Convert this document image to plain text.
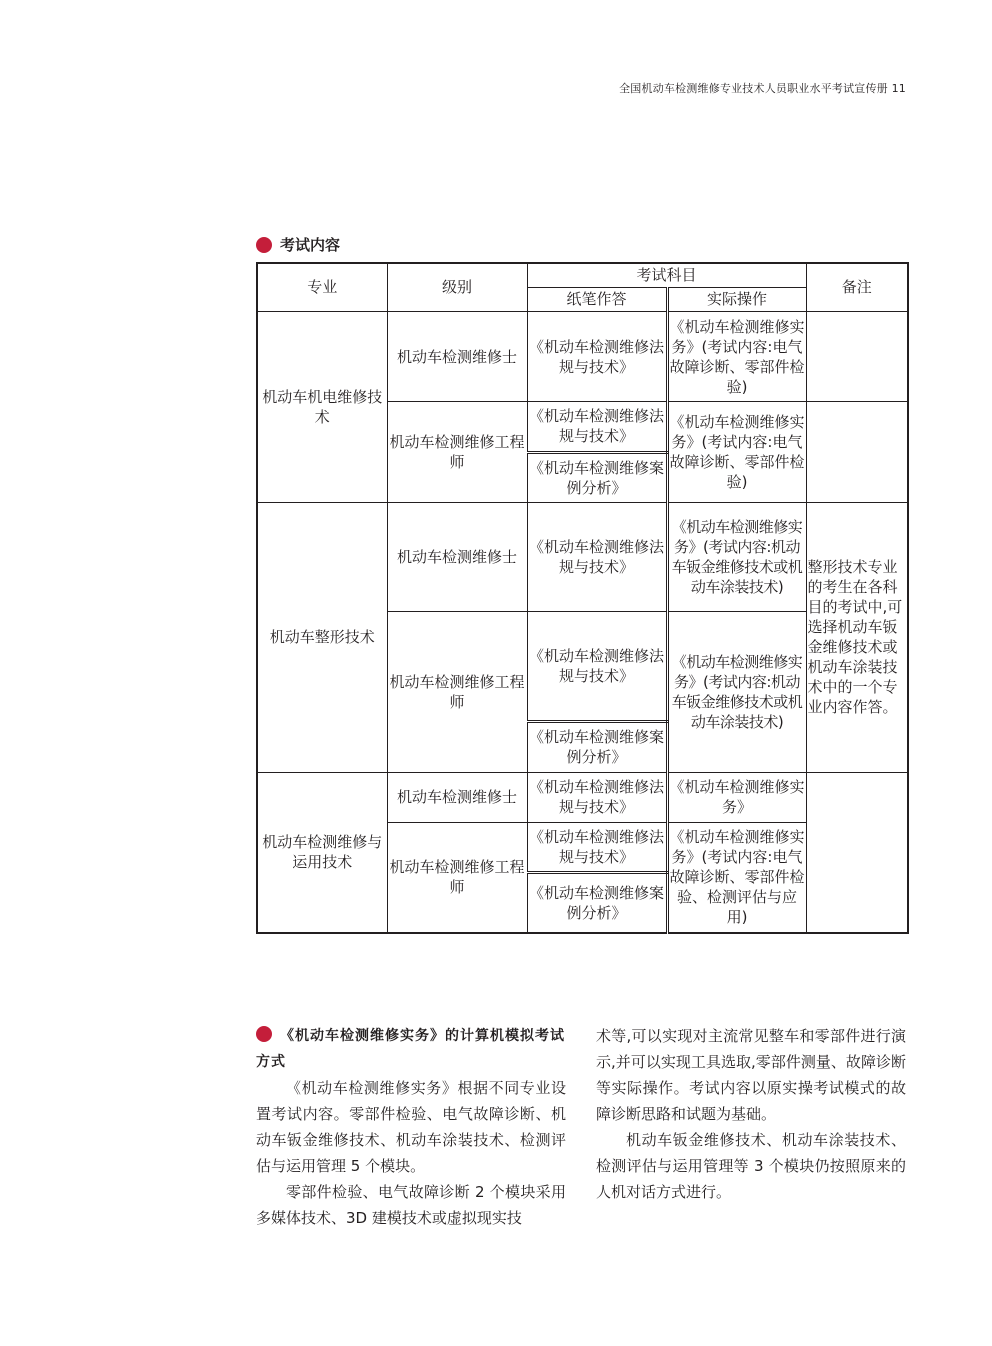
全国机动车检测维修专业技术人员职业水平考试宣传册 11
考试内容
专业	级别	考试科目		备注
		纸笔作答	实际操作	
机动车机电维修技术	机动车检测维修士	《机动车检测维修法规与技术》	《机动车检测维修实务》(考试内容:电气故障诊断、零部件检验)	
	机动车检测维修工程师	《机动车检测维修法规与技术》	《机动车检测维修实务》(考试内容:电气故障诊断、零部件检验)	
		《机动车检测维修案例分析》		
机动车整形技术	机动车检测维修士	《机动车检测维修法规与技术》	《机动车检测维修实务》(考试内容:机动车钣金维修技术或机动车涂装技术)	整形技术专业的考生在各科目的考试中,可选择机动车钣金维修技术或机动车涂装技术中的一个专业内容作答。
	机动车检测维修工程师	《机动车检测维修法规与技术》	《机动车检测维修实务》(考试内容:机动车钣金维修技术或机动车涂装技术)	
		《机动车检测维修案例分析》		
机动车检测维修与运用技术	机动车检测维修士	《机动车检测维修法规与技术》	《机动车检测维修实务》	
	机动车检测维修工程师	《机动车检测维修法规与技术》	《机动车检测维修实务》(考试内容:电气故障诊断、零部件检验、检测评估与应用)	
		《机动车检测维修案例分析》		
《机动车检测维修实务》的计算机模拟考试方式

《机动车检测维修实务》根据不同专业设置考试内容。零部件检验、电气故障诊断、机动车钣金维修技术、机动车涂装技术、检测评估与运用管理 5 个模块。

零部件检验、电气故障诊断 2 个模块采用多媒体技术、3D 建模技术或虚拟现实技

术等,可以实现对主流常见整车和零部件进行演示,并可以实现工具选取,零部件测量、故障诊断等实际操作。考试内容以原实操考试模式的故障诊断思路和试题为基础。

机动车钣金维修技术、机动车涂装技术、检测评估与运用管理等 3 个模块仍按照原来的人机对话方式进行。
